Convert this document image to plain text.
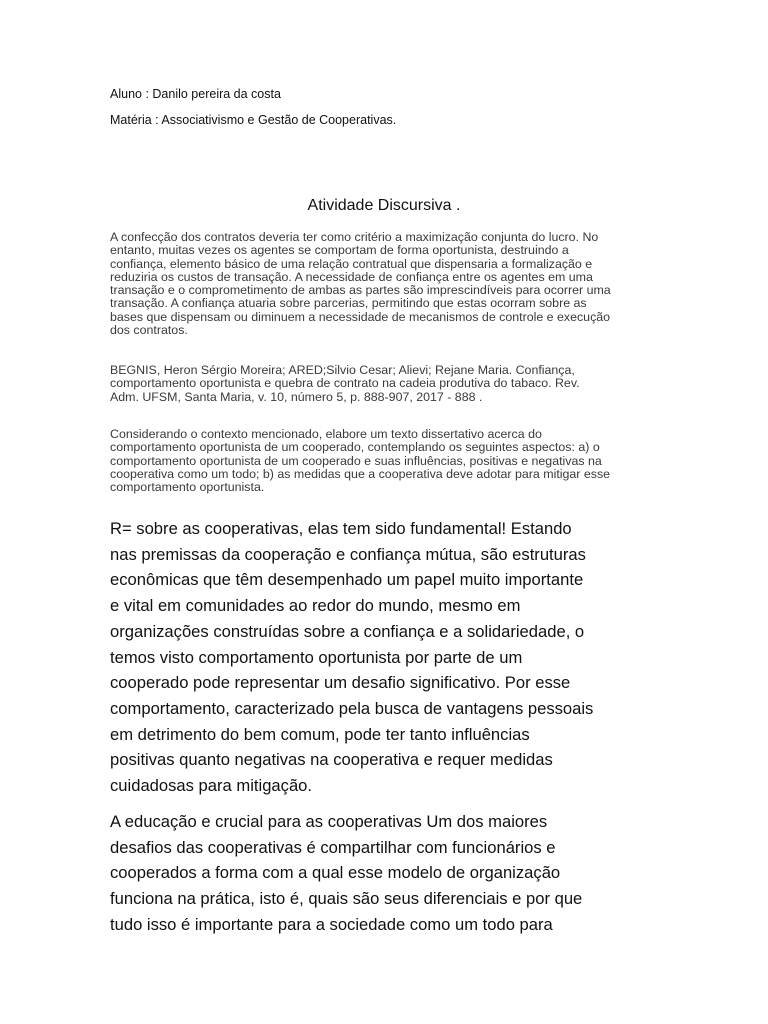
Aluno : Danilo pereira da costa
Matéria : Associativismo e Gestão de Cooperativas.
Atividade Discursiva .
A confecção dos contratos deveria ter como critério a maximização conjunta do lucro. No
entanto, muitas vezes os agentes se comportam de forma oportunista, destruindo a
confiança, elemento básico de uma relação contratual que dispensaria a formalização e
reduziria os custos de transação. A necessidade de confiança entre os agentes em uma
transação e o comprometimento de ambas as partes são imprescindíveis para ocorrer uma
transação. A confiança atuaria sobre parcerias, permitindo que estas ocorram sobre as
bases que dispensam ou diminuem a necessidade de mecanismos de controle e execução
dos contratos.
BEGNIS, Heron Sérgio Moreira; ARED;Silvio Cesar; Alievi; Rejane Maria. Confiança,
comportamento oportunista e quebra de contrato na cadeia produtiva do tabaco. Rev.
Adm. UFSM, Santa Maria, v. 10, número 5, p. 888-907, 2017 - 888 .
Considerando o contexto mencionado, elabore um texto dissertativo acerca do
comportamento oportunista de um cooperado, contemplando os seguintes aspectos: a) o
comportamento oportunista de um cooperado e suas influências, positivas e negativas na
cooperativa como um todo; b) as medidas que a cooperativa deve adotar para mitigar esse
comportamento oportunista.
R= sobre as cooperativas, elas tem sido fundamental! Estando
nas premissas da cooperação e confiança mútua, são estruturas
econômicas que têm desempenhado um papel muito importante
e vital em comunidades ao redor do mundo, mesmo em
organizações construídas sobre a confiança e a solidariedade, o
temos visto comportamento oportunista por parte de um
cooperado pode representar um desafio significativo. Por esse
comportamento, caracterizado pela busca de vantagens pessoais
em detrimento do bem comum, pode ter tanto influências
positivas quanto negativas na cooperativa e requer medidas
cuidadosas para mitigação.
A educação e crucial para as cooperativas Um dos maiores
desafios das cooperativas é compartilhar com funcionários e
cooperados a forma com a qual esse modelo de organização
funciona na prática, isto é, quais são seus diferenciais e por que
tudo isso é importante para a sociedade como um todo para
